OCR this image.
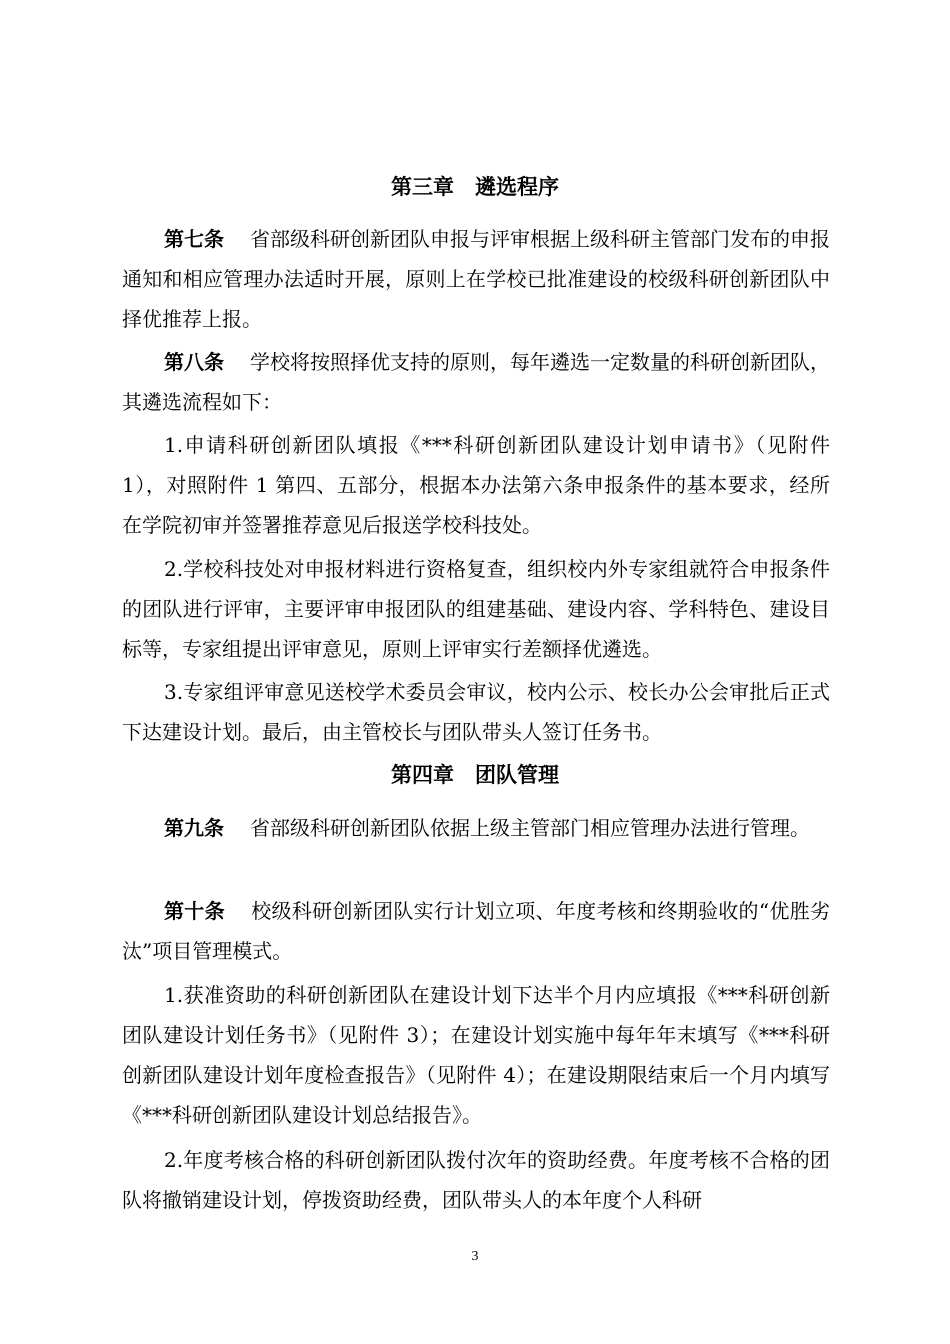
第三章　遴选程序
第七条 省部级科研创新团队申报与评审根据上级科研主管部门发布的申报通知和相应管理办法适时开展，原则上在学校已批准建设的校级科研创新团队中择优推荐上报。
第八条 学校将按照择优支持的原则，每年遴选一定数量的科研创新团队，其遴选流程如下：
1.申请科研创新团队填报《***科研创新团队建设计划申请书》（见附件 1），对照附件 1 第四、五部分，根据本办法第六条申报条件的基本要求，经所在学院初审并签署推荐意见后报送学校科技处。
2.学校科技处对申报材料进行资格复查，组织校内外专家组就符合申报条件的团队进行评审，主要评审申报团队的组建基础、建设内容、学科特色、建设目标等，专家组提出评审意见，原则上评审实行差额择优遴选。
3.专家组评审意见送校学术委员会审议，校内公示、校长办公会审批后正式下达建设计划。最后，由主管校长与团队带头人签订任务书。
第四章　团队管理
第九条 省部级科研创新团队依据上级主管部门相应管理办法进行管理。
第十条 校级科研创新团队实行计划立项、年度考核和终期验收的“优胜劣汰”项目管理模式。
1.获准资助的科研创新团队在建设计划下达半个月内应填报《***科研创新团队建设计划任务书》（见附件 3）；在建设计划实施中每年年末填写《***科研创新团队建设计划年度检查报告》（见附件 4）；在建设期限结束后一个月内填写《***科研创新团队建设计划总结报告》。
2.年度考核合格的科研创新团队拨付次年的资助经费。年度考核不合格的团队将撤销建设计划，停拨资助经费，团队带头人的本年度个人科研
3
